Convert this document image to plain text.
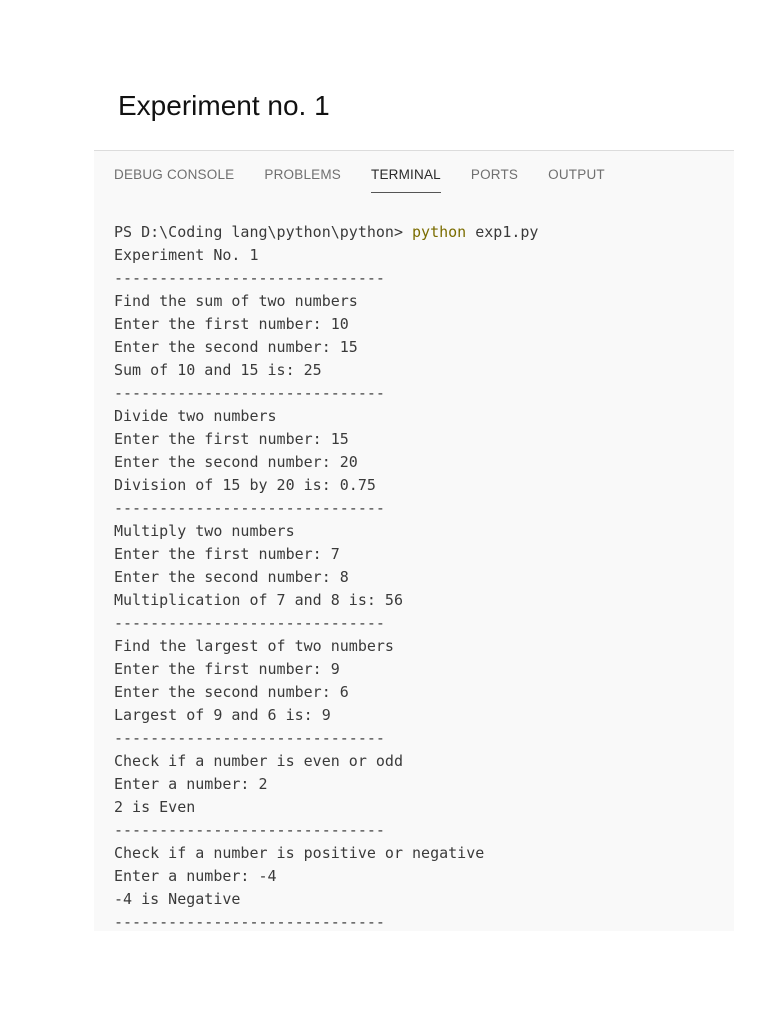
Experiment no. 1
DEBUG CONSOLE PROBLEMS TERMINAL PORTS OUTPUT
PS D:\Coding lang\python\python> python exp1.py
Experiment No. 1
------------------------------
Find the sum of two numbers
Enter the first number: 10
Enter the second number: 15
Sum of 10 and 15 is: 25
------------------------------
Divide two numbers
Enter the first number: 15
Enter the second number: 20
Division of 15 by 20 is: 0.75
------------------------------
Multiply two numbers
Enter the first number: 7
Enter the second number: 8
Multiplication of 7 and 8 is: 56
------------------------------
Find the largest of two numbers
Enter the first number: 9
Enter the second number: 6
Largest of 9 and 6 is: 9
------------------------------
Check if a number is even or odd
Enter a number: 2
2 is Even
------------------------------
Check if a number is positive or negative
Enter a number: -4
-4 is Negative
------------------------------
